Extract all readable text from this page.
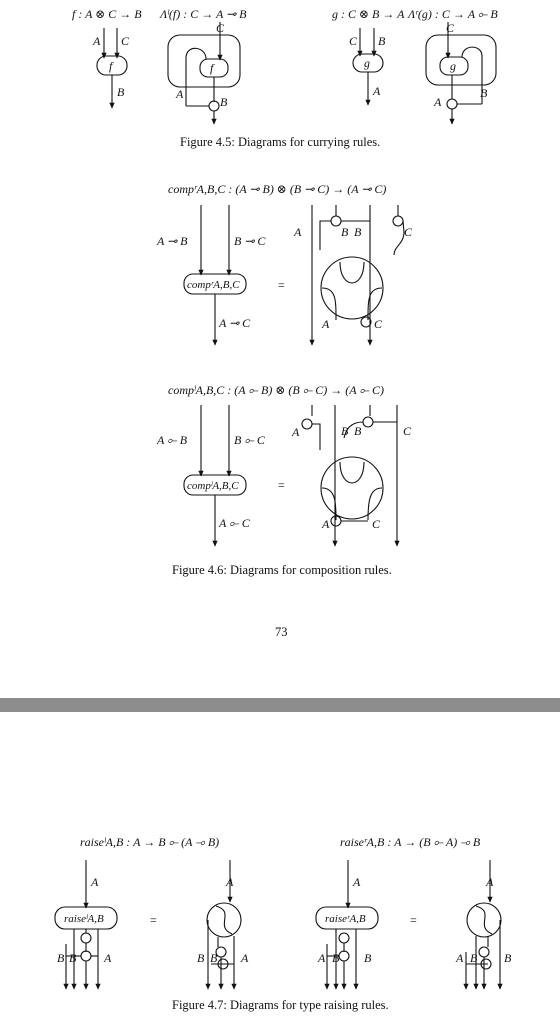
f : A ⊗ C → B Λˡ(f) : C → A ⊸ B	g : C ⊗ B → A Λʳ(g) : C → A ⟜ B
A C
f
B
C
f
A
B
C B
g
A
C
g
A
B
compʳA,B,C : (A ⊸ B) ⊗ (B ⊸ C) → (A ⊸ C)
A ⊸ B	B ⊸ C
compʳA,B,C
A ⊸ C
=
A	B B	C
A	C
compˡA,B,C : (A ⟜ B) ⊗ (B ⟜ C) → (A ⟜ C)
A ⟜ B	B ⟜ C
compˡA,B,C
A ⟜ C
=
A	B B	C
A	C
Figure 4.5: Diagrams for currying rules.
Figure 4.6: Diagrams for composition rules.
73
raiseˡA,B : A → B ⟜ (A ⊸ B)	raiseʳA,B : A → (B ⟜ A) ⊸ B
A
raiseˡA,B
B B A
=
A
B B A
A
raiseʳA,B
A B B
=
A
A B B
Figure 4.7: Diagrams for type raising rules.
